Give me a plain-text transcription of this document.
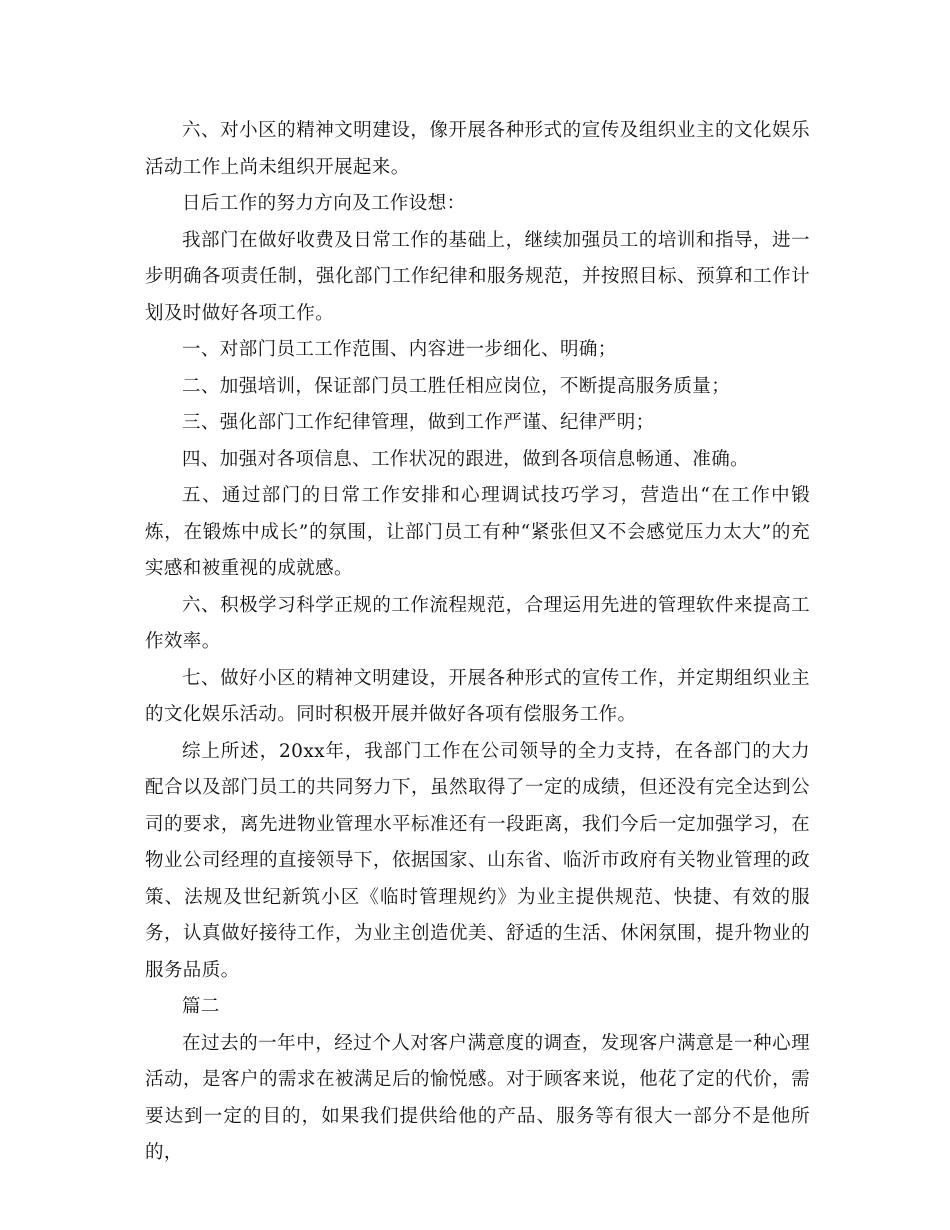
六、对小区的精神文明建设，像开展各种形式的宣传及组织业主的文化娱乐活动工作上尚未组织开展起来。

日后工作的努力方向及工作设想：

我部门在做好收费及日常工作的基础上，继续加强员工的培训和指导，进一步明确各项责任制，强化部门工作纪律和服务规范，并按照目标、预算和工作计划及时做好各项工作。

一、对部门员工工作范围、内容进一步细化、明确；

二、加强培训，保证部门员工胜任相应岗位，不断提高服务质量；

三、强化部门工作纪律管理，做到工作严谨、纪律严明；

四、加强对各项信息、工作状况的跟进，做到各项信息畅通、准确。

五、通过部门的日常工作安排和心理调试技巧学习，营造出“在工作中锻炼，在锻炼中成长”的氛围，让部门员工有种“紧张但又不会感觉压力太大”的充实感和被重视的成就感。

六、积极学习科学正规的工作流程规范，合理运用先进的管理软件来提高工作效率。

七、做好小区的精神文明建设，开展各种形式的宣传工作，并定期组织业主的文化娱乐活动。同时积极开展并做好各项有偿服务工作。

综上所述，20xx年，我部门工作在公司领导的全力支持，在各部门的大力配合以及部门员工的共同努力下，虽然取得了一定的成绩，但还没有完全达到公司的要求，离先进物业管理水平标准还有一段距离，我们今后一定加强学习，在物业公司经理的直接领导下，依据国家、山东省、临沂市政府有关物业管理的政策、法规及世纪新筑小区《临时管理规约》为业主提供规范、快捷、有效的服务，认真做好接待工作，为业主创造优美、舒适的生活、休闲氛围，提升物业的服务品质。

篇二

在过去的一年中，经过个人对客户满意度的调查，发现客户满意是一种心理活动，是客户的需求在被满足后的愉悦感。对于顾客来说，他花了定的代价，需要达到一定的目的，如果我们提供给他的产品、服务等有很大一部分不是他所的，
